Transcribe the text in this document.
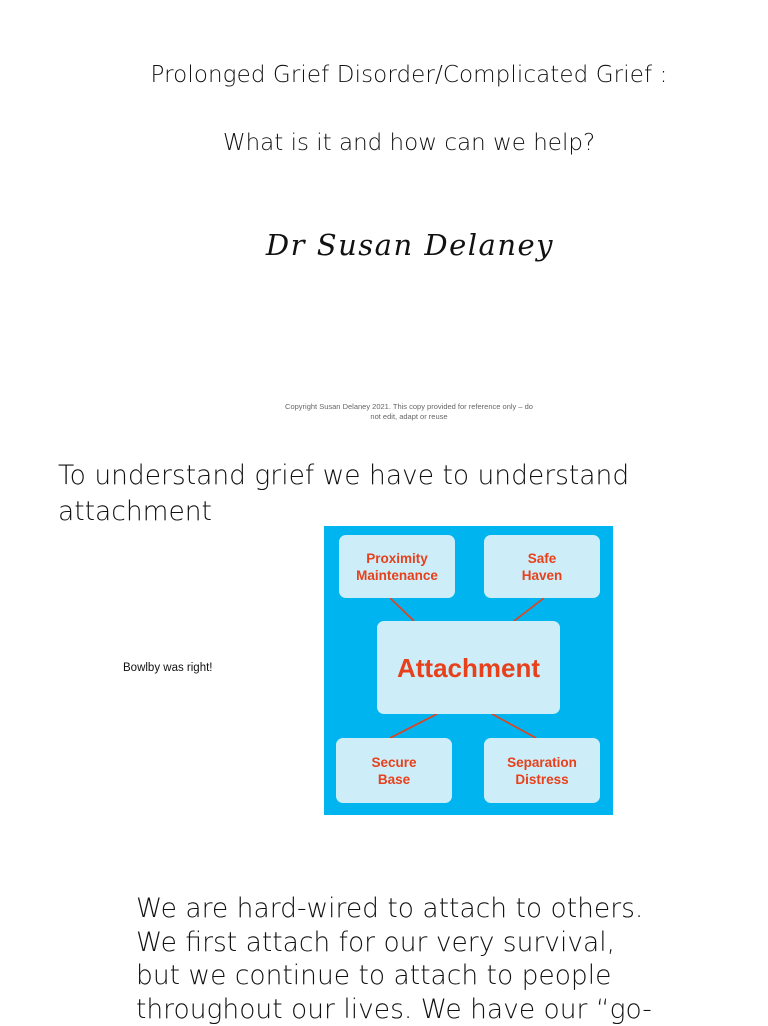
Prolonged Grief Disorder/Complicated Grief :
What is it and how can we help?
Dr Susan Delaney
Copyright Susan Delaney 2021. This copy provided for reference only – do
not edit, adapt or reuse
To understand grief we have to understand attachment
Bowlby was right!
Proximity
Maintenance
Safe
Haven
Attachment
Secure
Base
Separation
Distress
We are hard-wired to attach to others.
We first attach for our very survival,
but we continue to attach to people
throughout our lives. We have our “go-
